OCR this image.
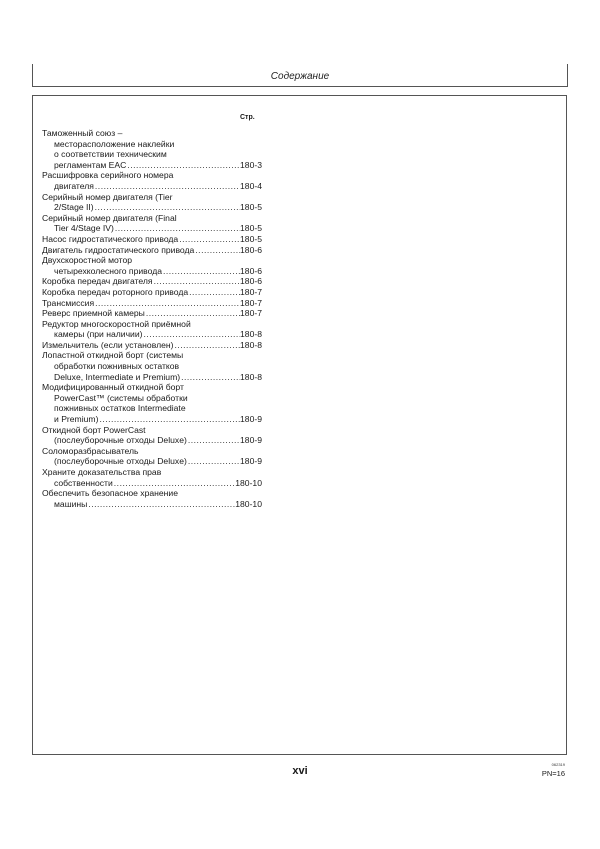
Содержание
Стр.
Таможенный союз –
месторасположение наклейки
о соответствии техническим
регламентам EAC .....	180-3
Расшифровка серийного номера
двигателя .....	180-4
Серийный номер двигателя (Tier
2/Stage II) .....	180-5
Серийный номер двигателя (Final
Tier 4/Stage IV) .....	180-5
Насос гидростатического привода .....	180-5
Двигатель гидростатического привода .....	180-6
Двухскоростной мотор
четырехколесного привода .....	180-6
Коробка передач двигателя .....	180-6
Коробка передач роторного привода .....	180-7
Трансмиссия .....	180-7
Реверс приемной камеры .....	180-7
Редуктор многоскоростной приёмной
камеры (при наличии) .....	180-8
Измельчитель (если установлен) .....	180-8
Лопастной откидной борт (системы
обработки пожнивных остатков
Deluxe, Intermediate и Premium) .....	180-8
Модифицированный откидной борт
PowerCast™ (системы обработки
пожнивных остатков Intermediate
и Premium) .....	180-9
Откидной борт PowerCast
(послеуборочные отходы Deluxe) .....	180-9
Соломоразбрасыватель
(послеуборочные отходы Deluxe) .....	180-9
Храните доказательства прав
собственности .....	180-10
Обеспечить безопасное хранение
машины .....	180-10
xvi
062319
PN=16
